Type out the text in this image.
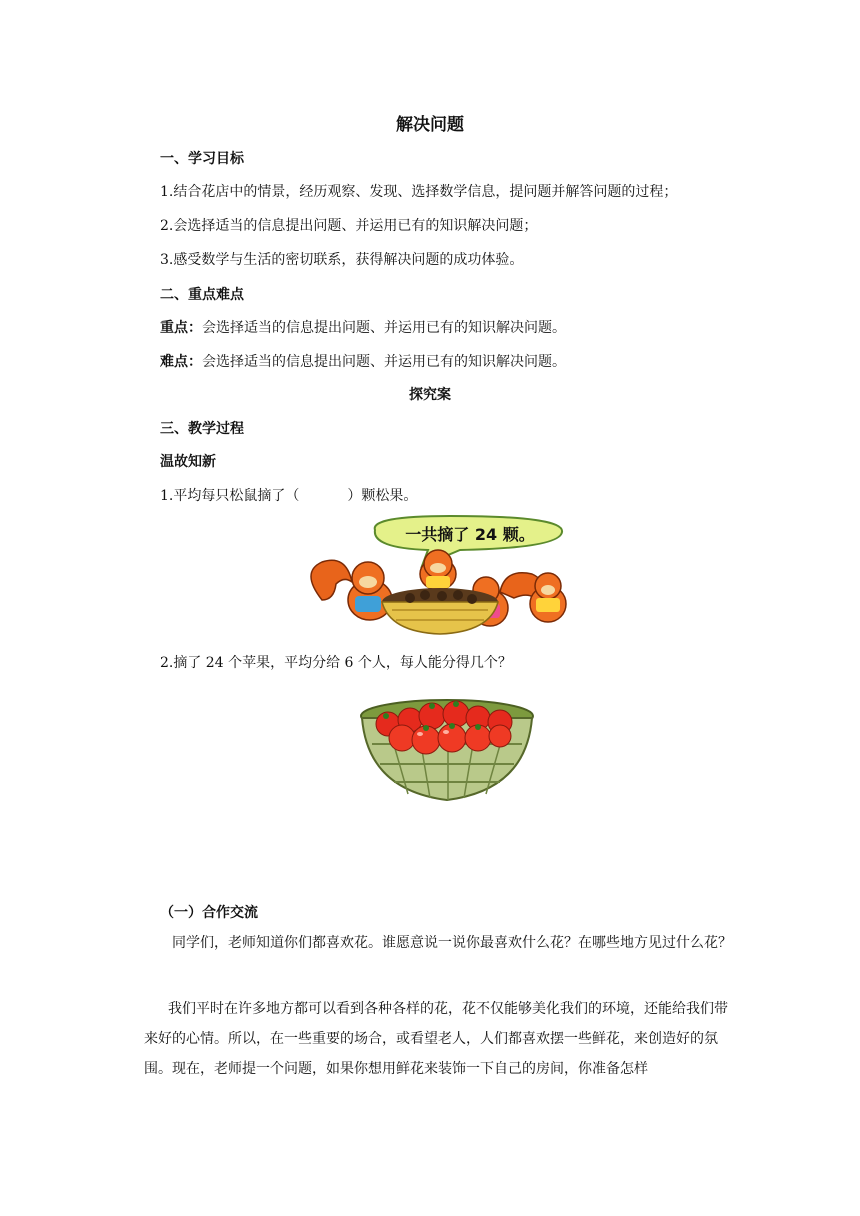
解决问题
一、学习目标
1.结合花店中的情景，经历观察、发现、选择数学信息，提问题并解答问题的过程；
2.会选择适当的信息提出问题、并运用已有的知识解决问题；
3.感受数学与生活的密切联系，获得解决问题的成功体验。
二、重点难点
重点：会选择适当的信息提出问题、并运用已有的知识解决问题。
难点：会选择适当的信息提出问题、并运用已有的知识解决问题。
探究案
三、教学过程
温故知新
1.平均每只松鼠摘了（	）颗松果。
一共摘了 24 颗。
2.摘了 24 个苹果，平均分给 6 个人，每人能分得几个？
（一）合作交流
同学们，老师知道你们都喜欢花。谁愿意说一说你最喜欢什么花？在哪些地方见过什么花？
我们平时在许多地方都可以看到各种各样的花，花不仅能够美化我们的环境，还能给我们带来好的心情。所以，在一些重要的场合，或看望老人，人们都喜欢摆一些鲜花，来创造好的氛围。现在，老师提一个问题，如果你想用鲜花来装饰一下自己的房间，你准备怎样
